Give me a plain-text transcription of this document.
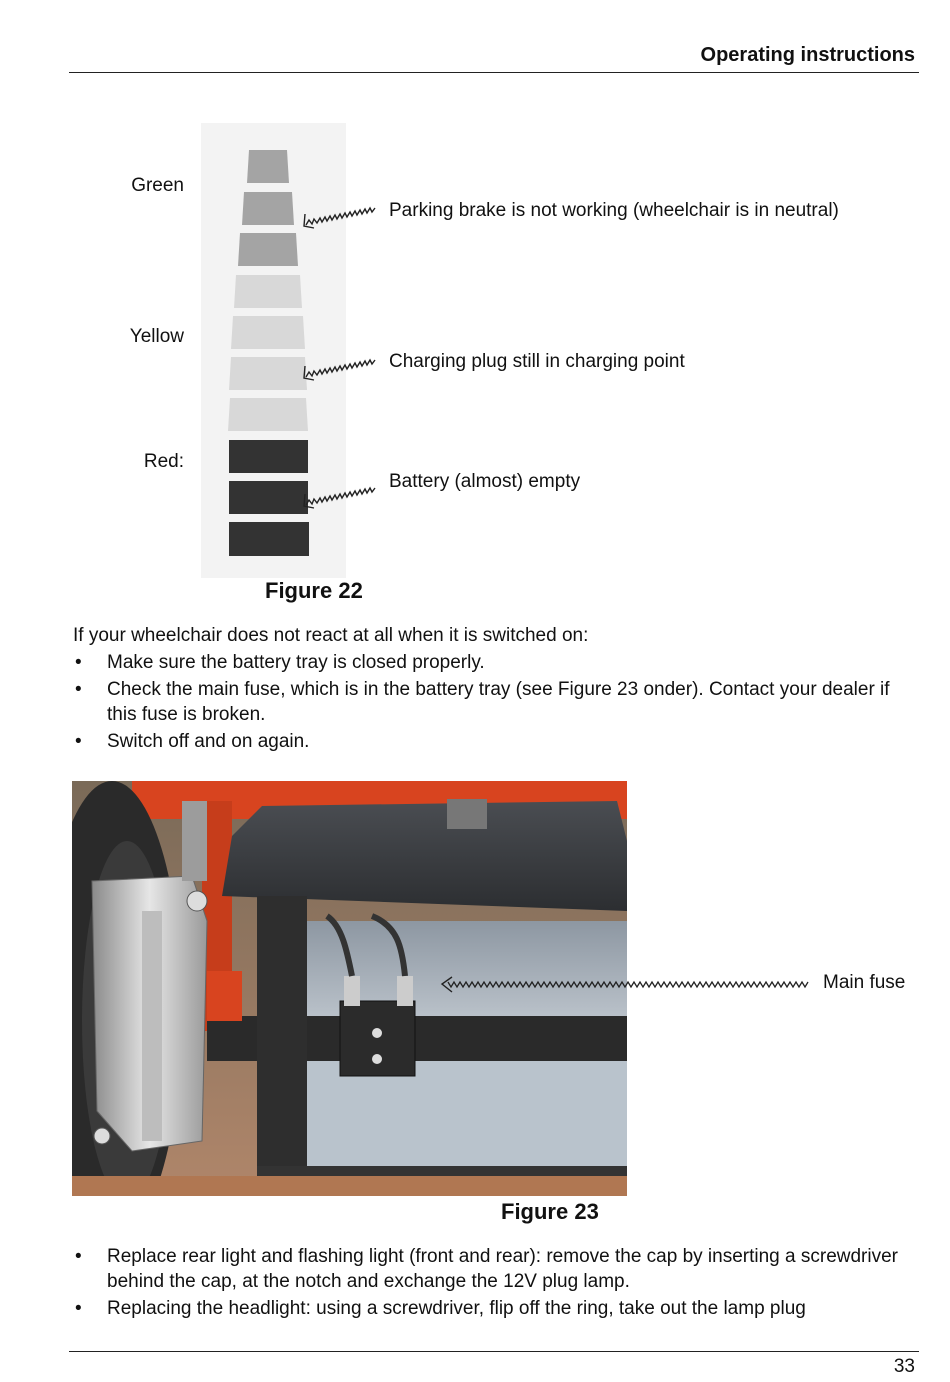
Operating instructions
Green
Yellow
Red:
Parking brake is not working (wheelchair is in neutral)
Charging plug still in charging point
Battery (almost) empty
Figure 22
If your wheelchair does not react at all when it is switched on:
• Make sure the battery tray is closed properly.
• Check the main fuse, which is in the battery tray (see Figure 23 onder). Contact your dealer if this fuse is broken.
• Switch off and on again.
Main fuse
Figure 23
• Replace rear light and flashing light (front and rear): remove the cap by inserting a screwdriver behind the cap, at the notch and exchange the 12V plug lamp.
• Replacing the headlight: using a screwdriver, flip off the ring, take out the lamp plug
33
